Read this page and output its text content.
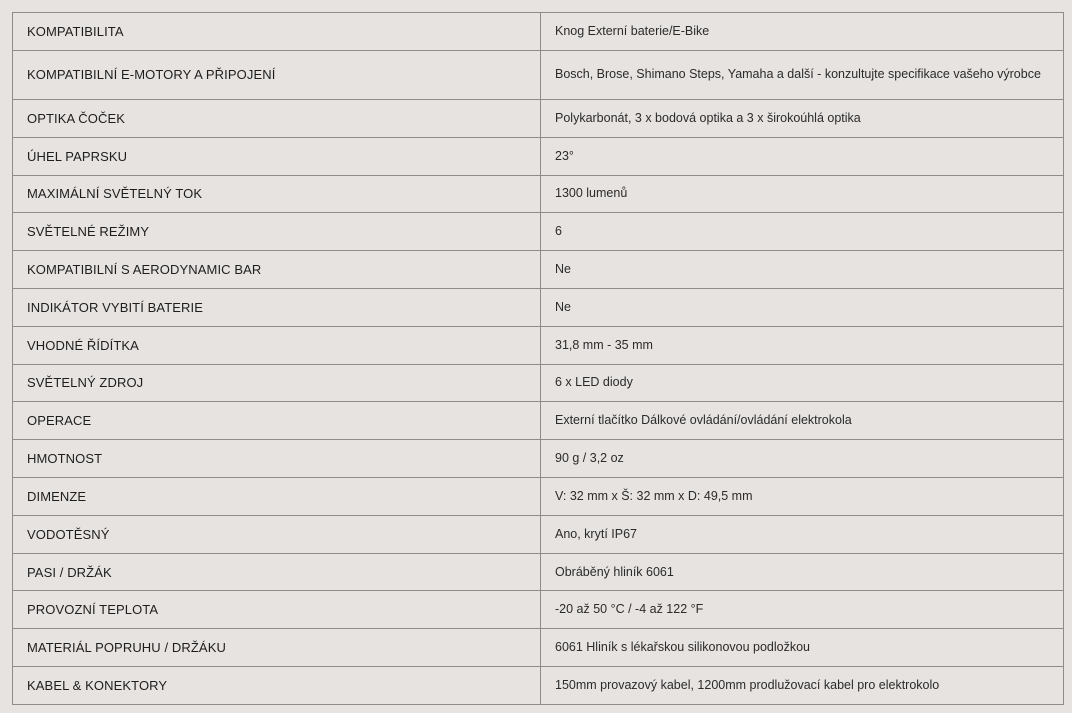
KOMPATIBILITA	Knog Externí baterie/E-Bike
KOMPATIBILNÍ E-MOTORY A PŘIPOJENÍ	Bosch, Brose, Shimano Steps, Yamaha a další - konzultujte specifikace vašeho výrobce
OPTIKA ČOČEK	Polykarbonát, 3 x bodová optika a 3 x širokoúhlá optika
ÚHEL PAPRSKU	23°
MAXIMÁLNÍ SVĚTELNÝ TOK	1300 lumenů
SVĚTELNÉ REŽIMY	6
KOMPATIBILNÍ S AERODYNAMIC BAR	Ne
INDIKÁTOR VYBITÍ BATERIE	Ne
VHODNÉ ŘÍDÍTKA	31,8 mm - 35 mm
SVĚTELNÝ ZDROJ	6 x LED diody
OPERACE	Externí tlačítko Dálkové ovládání/ovládání elektrokola
HMOTNOST	90 g / 3,2 oz
DIMENZE	V: 32 mm x Š: 32 mm x D: 49,5 mm
VODOTĚSNÝ	Ano, krytí IP67
PASI / DRŽÁK	Obráběný hliník 6061
PROVOZNÍ TEPLOTA	-20 až 50 °C / -4 až 122 °F
MATERIÁL POPRUHU / DRŽÁKU	6061 Hliník s lékařskou silikonovou podložkou
KABEL & KONEKTORY	150mm provazový kabel, 1200mm prodlužovací kabel pro elektrokolo
